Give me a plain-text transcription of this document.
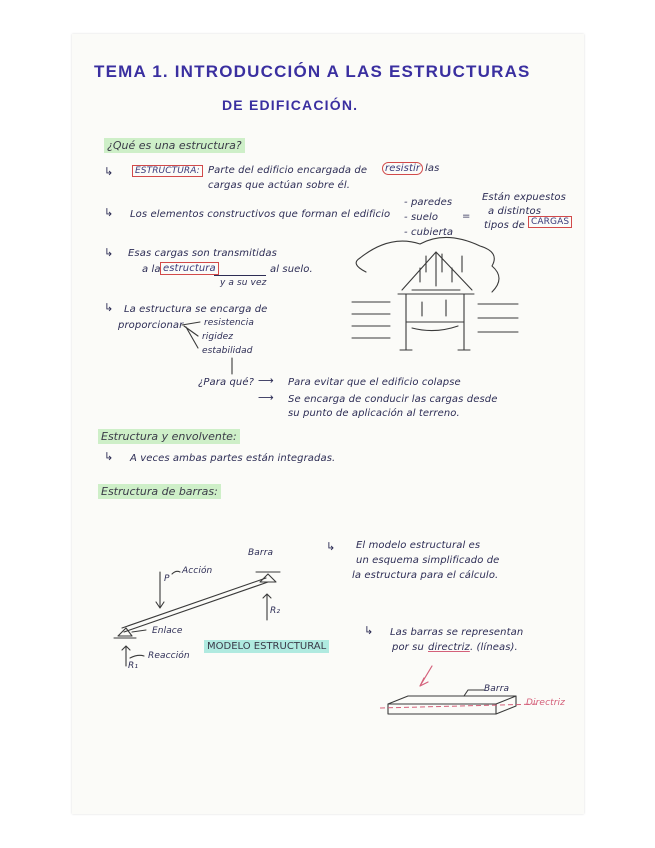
TEMA 1. INTRODUCCIÓN A LAS ESTRUCTURAS
DE EDIFICACIÓN.
¿Qué es una estructura?
↳	ESTRUCTURA: Parte del edificio encargada de	resistir las
cargas que actúan sobre él.
↳ Los elementos constructivos que forman el edificio
- paredes
- suelo
- cubierta
=
Están expuestos
a distintos
tipos de CARGAS
↳ Esas cargas son transmitidas
a la estructura
y a su vez
al suelo.
↳ La estructura se encarga de
proporcionar resistencia
rigidez
estabilidad
¿Para qué? ⟶ Para evitar que el edificio colapse
⟶ Se encarga de conducir las cargas desde
su punto de aplicación al terreno.
Estructura y envolvente:
↳ A veces ambas partes están integradas.
Estructura de barras:
Barra
Acción
P
R₂
Enlace
Reacción
R₁
MODELO ESTRUCTURAL
↳ El modelo estructural es
un esquema simplificado de
la estructura para el cálculo.
↳ Las barras se representan
por su directriz . (líneas).
Barra
Directriz
